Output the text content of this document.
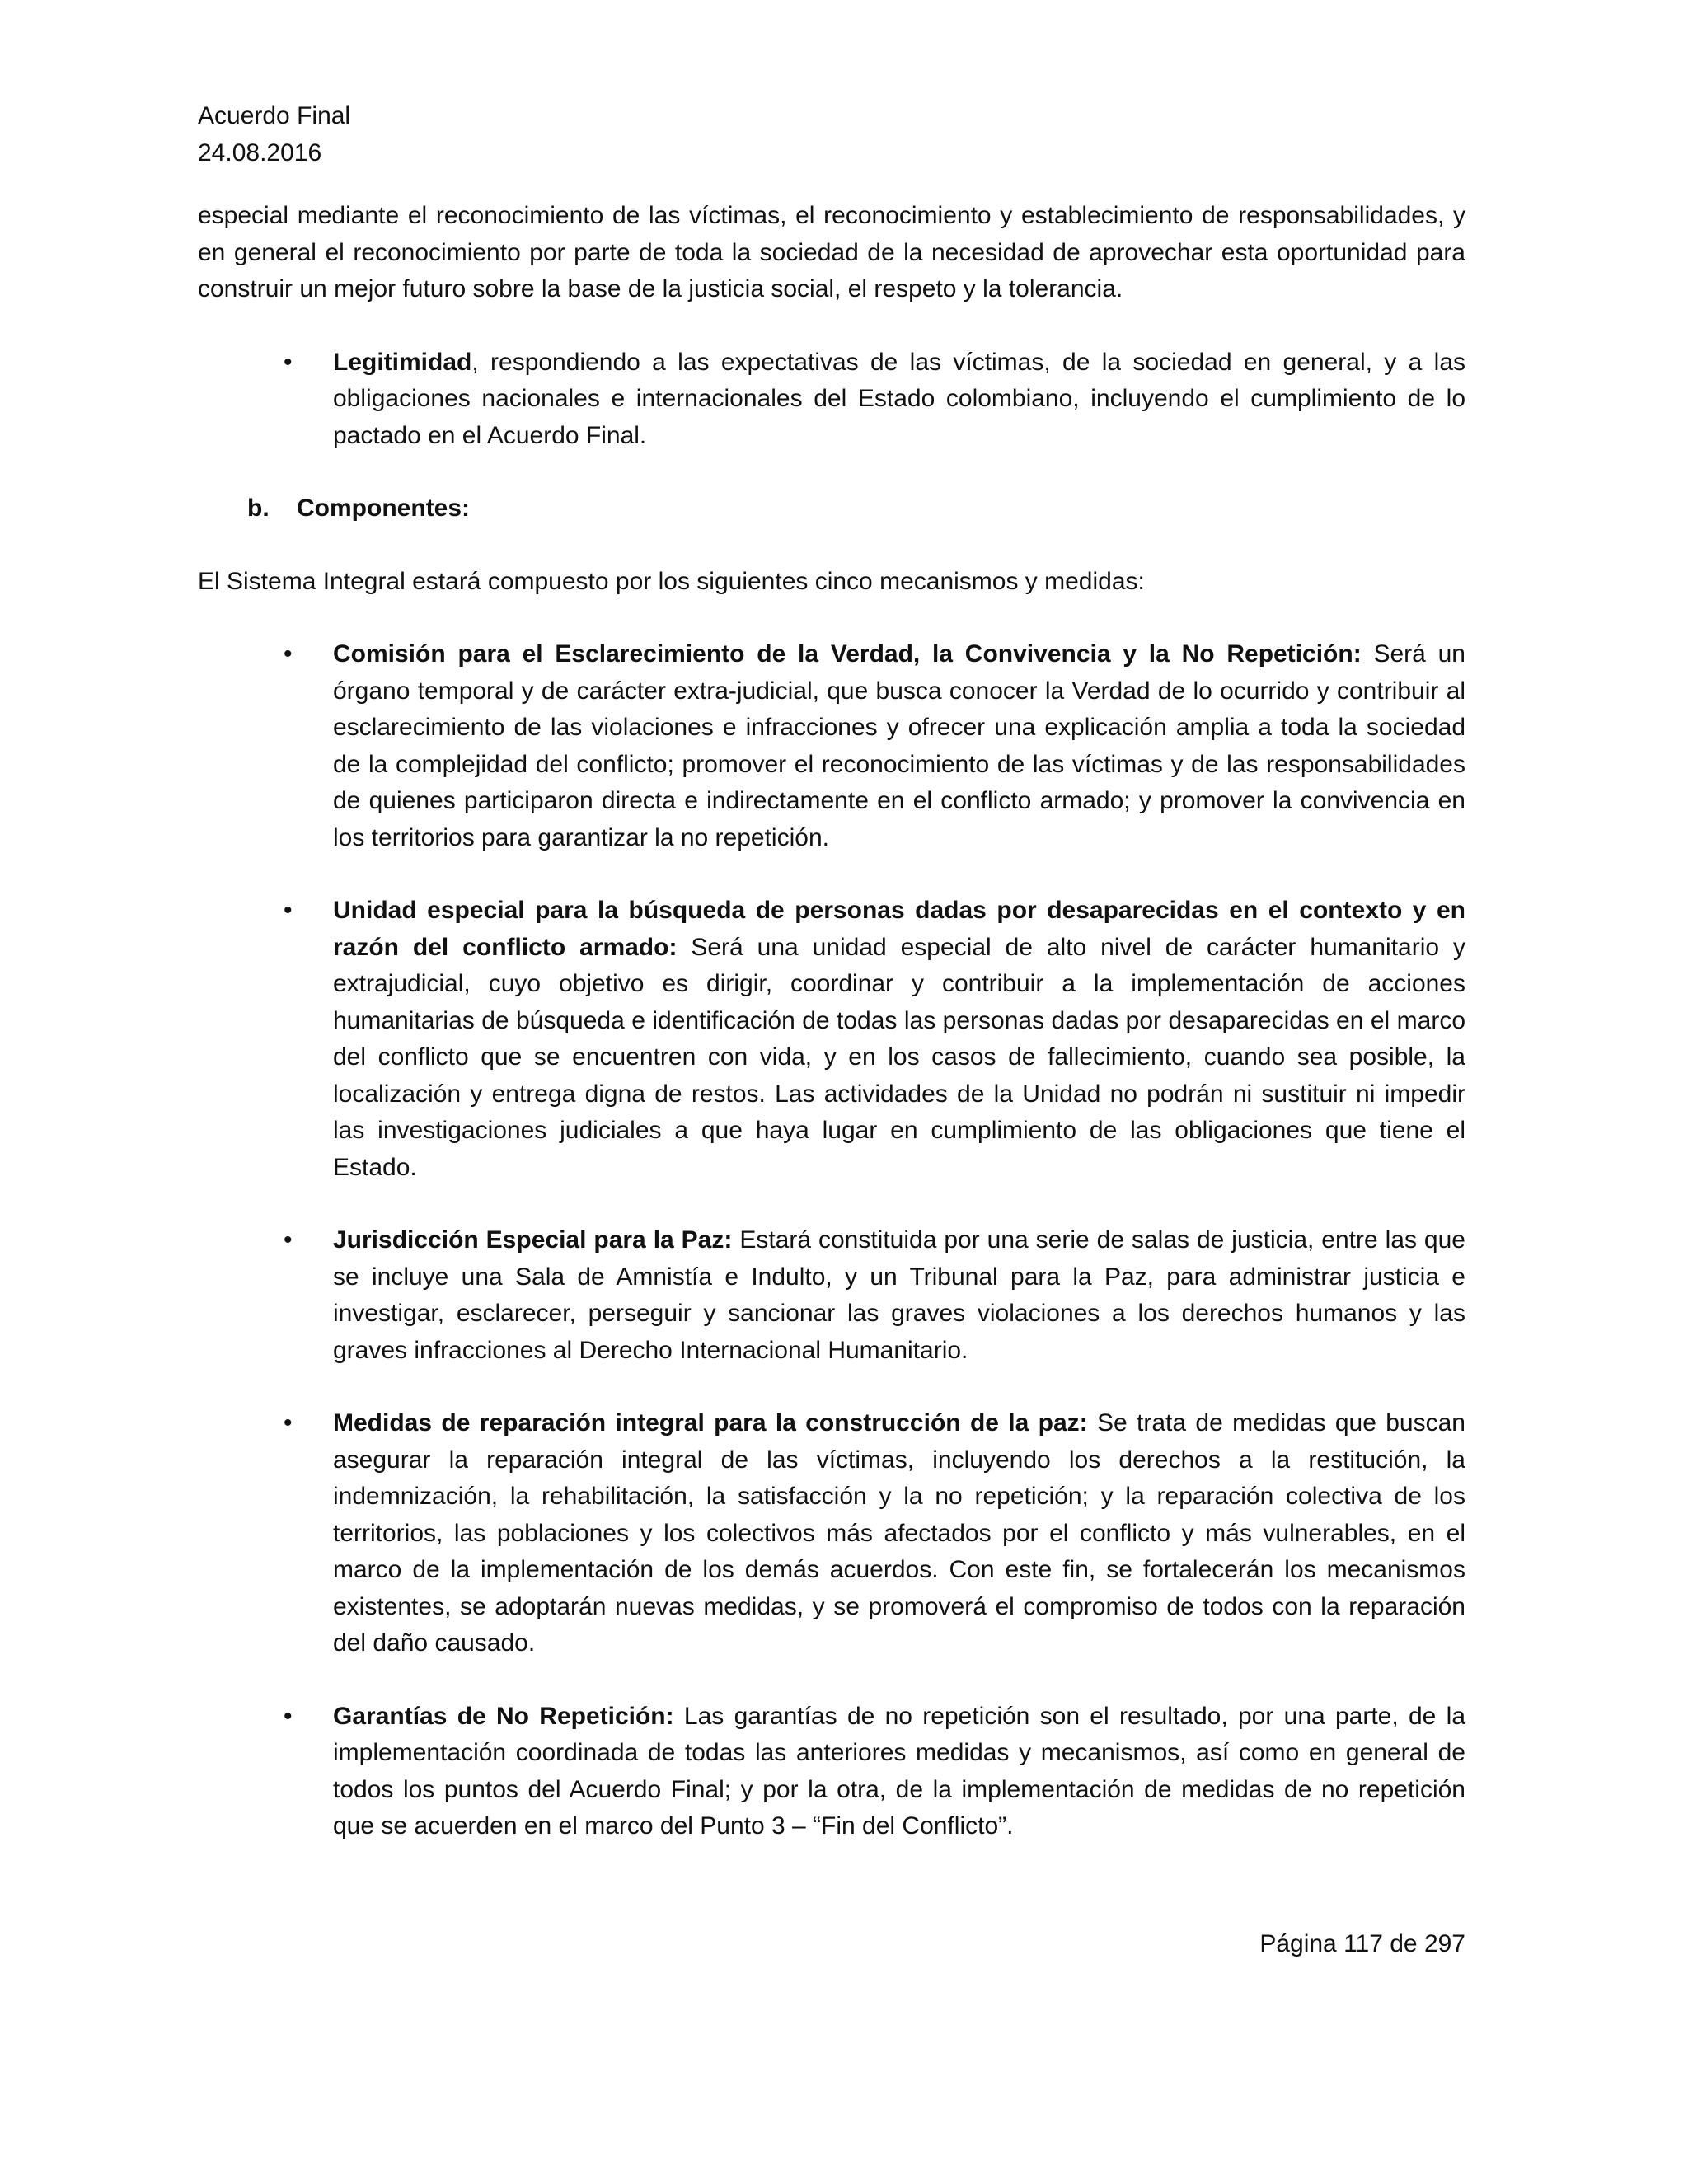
Acuerdo Final
24.08.2016

especial mediante el reconocimiento de las víctimas, el reconocimiento y establecimiento de responsabilidades, y en general el reconocimiento por parte de toda la sociedad de la necesidad de aprovechar esta oportunidad para construir un mejor futuro sobre la base de la justicia social, el respeto y la tolerancia.

• Legitimidad, respondiendo a las expectativas de las víctimas, de la sociedad en general, y a las obligaciones nacionales e internacionales del Estado colombiano, incluyendo el cumplimiento de lo pactado en el Acuerdo Final.
b. Componentes:

El Sistema Integral estará compuesto por los siguientes cinco mecanismos y medidas:

• Comisión para el Esclarecimiento de la Verdad, la Convivencia y la No Repetición: Será un órgano temporal y de carácter extra-judicial, que busca conocer la Verdad de lo ocurrido y contribuir al esclarecimiento de las violaciones e infracciones y ofrecer una explicación amplia a toda la sociedad de la complejidad del conflicto; promover el reconocimiento de las víctimas y de las responsabilidades de quienes participaron directa e indirectamente en el conflicto armado; y promover la convivencia en los territorios para garantizar la no repetición.
• Unidad especial para la búsqueda de personas dadas por desaparecidas en el contexto y en razón del conflicto armado: Será una unidad especial de alto nivel de carácter humanitario y extrajudicial, cuyo objetivo es dirigir, coordinar y contribuir a la implementación de acciones humanitarias de búsqueda e identificación de todas las personas dadas por desaparecidas en el marco del conflicto que se encuentren con vida, y en los casos de fallecimiento, cuando sea posible, la localización y entrega digna de restos. Las actividades de la Unidad no podrán ni sustituir ni impedir las investigaciones judiciales a que haya lugar en cumplimiento de las obligaciones que tiene el Estado.
• Jurisdicción Especial para la Paz: Estará constituida por una serie de salas de justicia, entre las que se incluye una Sala de Amnistía e Indulto, y un Tribunal para la Paz, para administrar justicia e investigar, esclarecer, perseguir y sancionar las graves violaciones a los derechos humanos y las graves infracciones al Derecho Internacional Humanitario.
• Medidas de reparación integral para la construcción de la paz: Se trata de medidas que buscan asegurar la reparación integral de las víctimas, incluyendo los derechos a la restitución, la indemnización, la rehabilitación, la satisfacción y la no repetición; y la reparación colectiva de los territorios, las poblaciones y los colectivos más afectados por el conflicto y más vulnerables, en el marco de la implementación de los demás acuerdos. Con este fin, se fortalecerán los mecanismos existentes, se adoptarán nuevas medidas, y se promoverá el compromiso de todos con la reparación del daño causado.
• Garantías de No Repetición: Las garantías de no repetición son el resultado, por una parte, de la implementación coordinada de todas las anteriores medidas y mecanismos, así como en general de todos los puntos del Acuerdo Final; y por la otra, de la implementación de medidas de no repetición que se acuerden en el marco del Punto 3 – “Fin del Conflicto”.
Página 117 de 297
